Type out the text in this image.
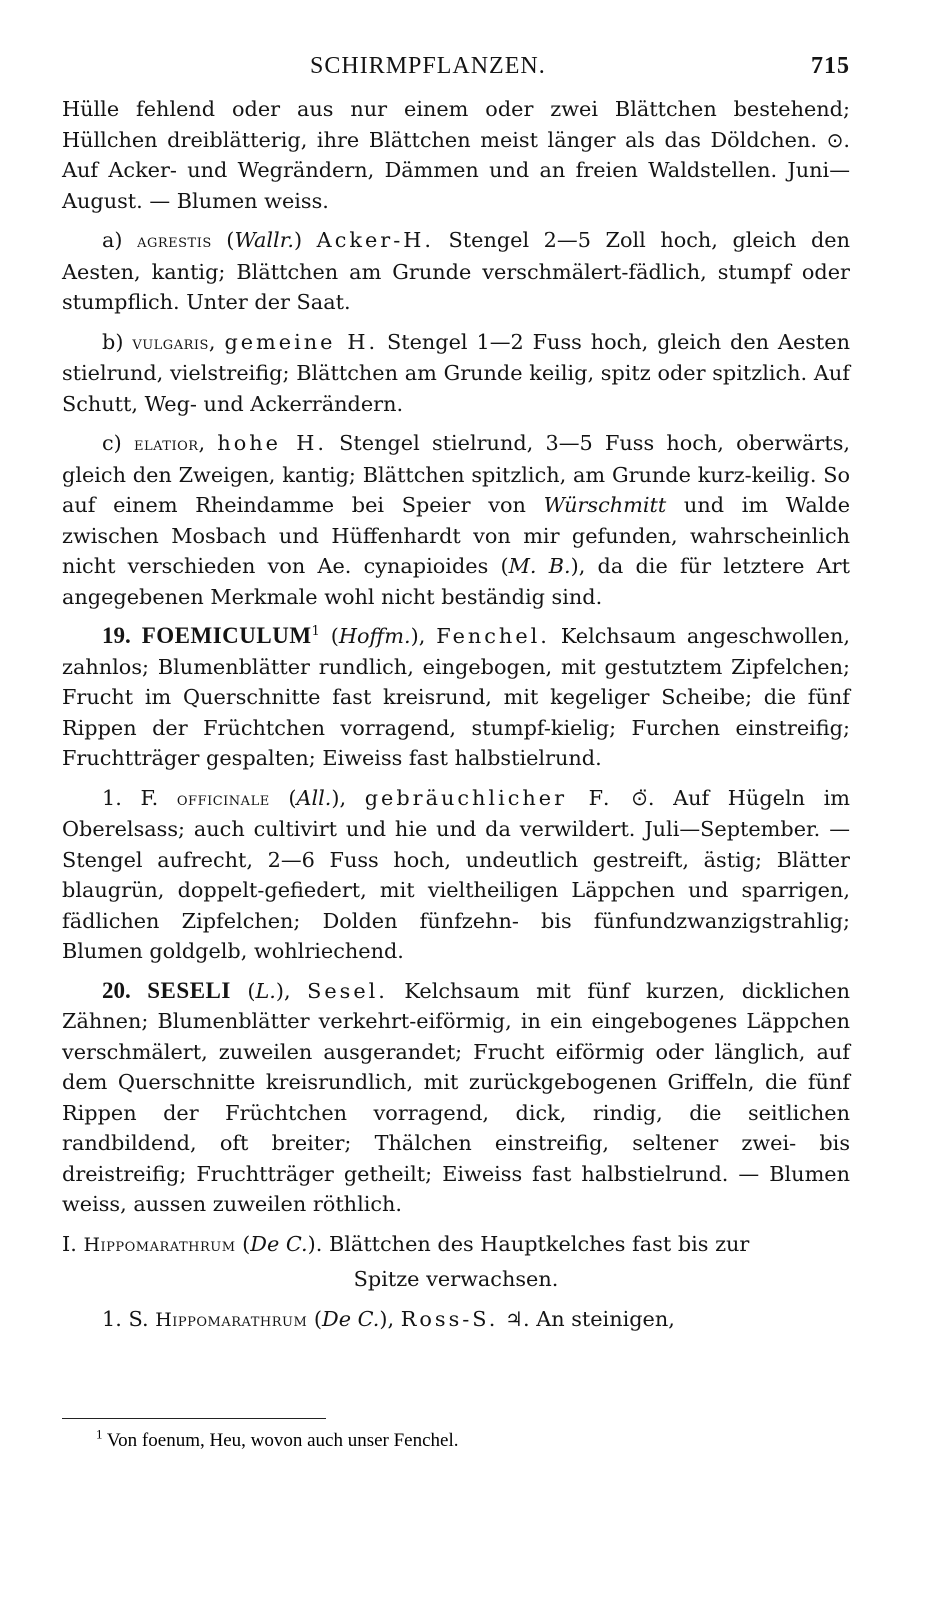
SCHIRMPFLANZEN.	715

Hülle fehlend oder aus nur einem oder zwei Blättchen bestehend; Hüllchen dreiblätterig, ihre Blättchen meist länger als das Döldchen. ⊙. Auf Acker- und Wegrändern, Dämmen und an freien Waldstellen. Juni—August. — Blumen weiss.

a) agrestis (Wallr.) Acker-H. Stengel 2—5 Zoll hoch, gleich den Aesten, kantig; Blättchen am Grunde verschmälert-fädlich, stumpf oder stumpflich. Unter der Saat.

b) vulgaris, gemeine H. Stengel 1—2 Fuss hoch, gleich den Aesten stielrund, vielstreifig; Blättchen am Grunde keilig, spitz oder spitzlich. Auf Schutt, Weg- und Ackerrändern.

c) elatior, hohe H. Stengel stielrund, 3—5 Fuss hoch, oberwärts, gleich den Zweigen, kantig; Blättchen spitzlich, am Grunde kurz-keilig. So auf einem Rheindamme bei Speier von Würschmitt und im Walde zwischen Mosbach und Hüffenhardt von mir gefunden, wahrscheinlich nicht verschieden von Ae. cynapioides (M. B.), da die für letztere Art angegebenen Merkmale wohl nicht beständig sind.

19. FOEMICULUM$^1$ (Hoffm.), Fenchel. Kelchsaum angeschwollen, zahnlos; Blumenblätter rundlich, eingebogen, mit gestutztem Zipfelchen; Frucht im Querschnitte fast kreisrund, mit kegeliger Scheibe; die fünf Rippen der Früchtchen vorragend, stumpf-kielig; Furchen einstreifig; Fruchtträger gespalten; Eiweiss fast halbstielrund.

1. F. officinale (All.), gebräuchlicher F. ⊙̈. Auf Hügeln im Oberelsass; auch cultivirt und hie und da verwildert. Juli—September. — Stengel aufrecht, 2—6 Fuss hoch, undeutlich gestreift, ästig; Blätter blaugrün, doppelt-gefiedert, mit vieltheiligen Läppchen und sparrigen, fädlichen Zipfelchen; Dolden fünfzehn- bis fünfundzwanzigstrahlig; Blumen goldgelb, wohlriechend.

20. SESELI (L.), Sesel. Kelchsaum mit fünf kurzen, dicklichen Zähnen; Blumenblätter verkehrt-eiförmig, in ein eingebogenes Läppchen verschmälert, zuweilen ausgerandet; Frucht eiförmig oder länglich, auf dem Querschnitte kreisrundlich, mit zurückgebogenen Griffeln, die fünf Rippen der Früchtchen vorragend, dick, rindig, die seitlichen randbildend, oft breiter; Thälchen einstreifig, seltener zwei- bis dreistreifig; Fruchtträger getheilt; Eiweiss fast halbstielrund. — Blumen weiss, aussen zuweilen röthlich.

I. Hippomarathrum (De C.). Blättchen des Hauptkelches fast bis zur

Spitze verwachsen.

1. S. Hippomarathrum (De C.), Ross-S. ♃. An steinigen,

$^1$ Von foenum, Heu, wovon auch unser Fenchel.
